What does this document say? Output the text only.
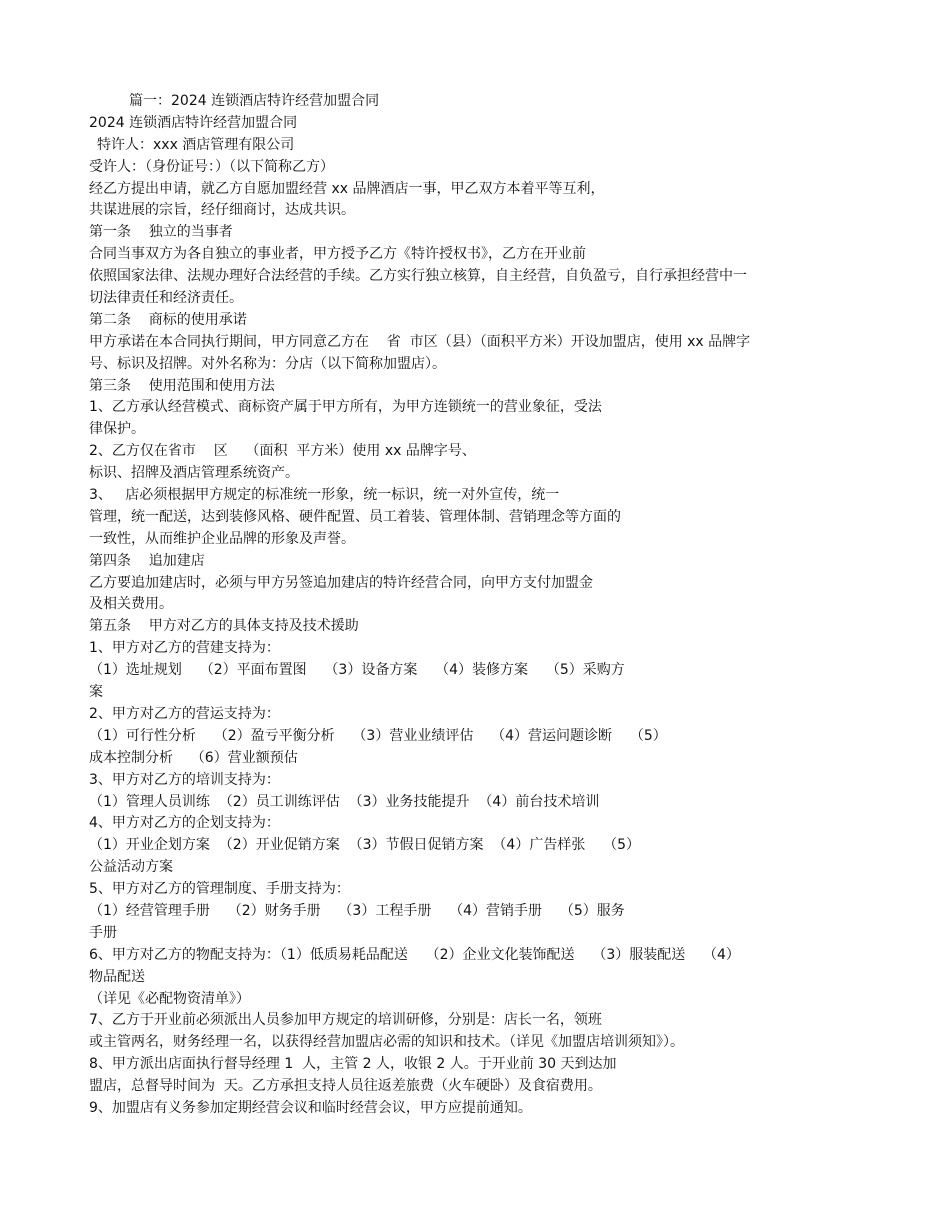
篇一：2024 连锁酒店特许经营加盟合同
2024 连锁酒店特许经营加盟合同
特许人：xxx 酒店管理有限公司
受许人：（身份证号：）（以下简称乙方）
经乙方提出申请，就乙方自愿加盟经营 xx 品牌酒店一事，甲乙双方本着平等互利，
共谋进展的宗旨，经仔细商讨，达成共识。
第一条    独立的当事者
合同当事双方为各自独立的事业者，甲方授予乙方《特许授权书》，乙方在开业前
依照国家法律、法规办理好合法经营的手续。乙方实行独立核算，自主经营，自负盈亏，自行承担经营中一
切法律责任和经济责任。
第二条    商标的使用承诺
甲方承诺在本合同执行期间，甲方同意乙方在    省  市区（县）（面积平方米）开设加盟店，使用 xx 品牌字
号、标识及招牌。对外名称为：分店（以下简称加盟店）。
第三条    使用范围和使用方法
1、乙方承认经营模式、商标资产属于甲方所有，为甲方连锁统一的营业象征，受法
律保护。
2、乙方仅在省市    区    （面积  平方米）使用 xx 品牌字号、
标识、招牌及酒店管理系统资产。
3、   店必须根据甲方规定的标准统一形象，统一标识，统一对外宣传，统一
管理，统一配送，达到装修风格、硬件配置、员工着装、管理体制、营销理念等方面的
一致性，从而维护企业品牌的形象及声誉。
第四条    追加建店
乙方要追加建店时，必须与甲方另签追加建店的特许经营合同，向甲方支付加盟金
及相关费用。
第五条    甲方对乙方的具体支持及技术援助
1、甲方对乙方的营建支持为：
（1）选址规划    （2）平面布置图    （3）设备方案    （4）装修方案    （5）采购方
案
2、甲方对乙方的营运支持为：
（1）可行性分析    （2）盈亏平衡分析    （3）营业业绩评估    （4）营运问题诊断    （5）
成本控制分析    （6）营业额预估
3、甲方对乙方的培训支持为：
（1）管理人员训练  （2）员工训练评估  （3）业务技能提升  （4）前台技术培训
4、甲方对乙方的企划支持为：
（1）开业企划方案  （2）开业促销方案  （3）节假日促销方案  （4）广告样张    （5）
公益活动方案
5、甲方对乙方的管理制度、手册支持为：
（1）经营管理手册    （2）财务手册    （3）工程手册    （4）营销手册    （5）服务
手册
6、甲方对乙方的物配支持为：（1）低质易耗品配送    （2）企业文化装饰配送    （3）服装配送    （4）
物品配送
（详见《必配物资清单》）
7、乙方于开业前必须派出人员参加甲方规定的培训研修，分别是：店长一名，领班
或主管两名，财务经理一名，以获得经营加盟店必需的知识和技术。（详见《加盟店培训须知》）。
8、甲方派出店面执行督导经理 1  人，主管 2 人，收银 2 人。于开业前 30 天到达加
盟店，总督导时间为  天。乙方承担支持人员往返差旅费（火车硬卧）及食宿费用。
9、加盟店有义务参加定期经营会议和临时经营会议，甲方应提前通知。
